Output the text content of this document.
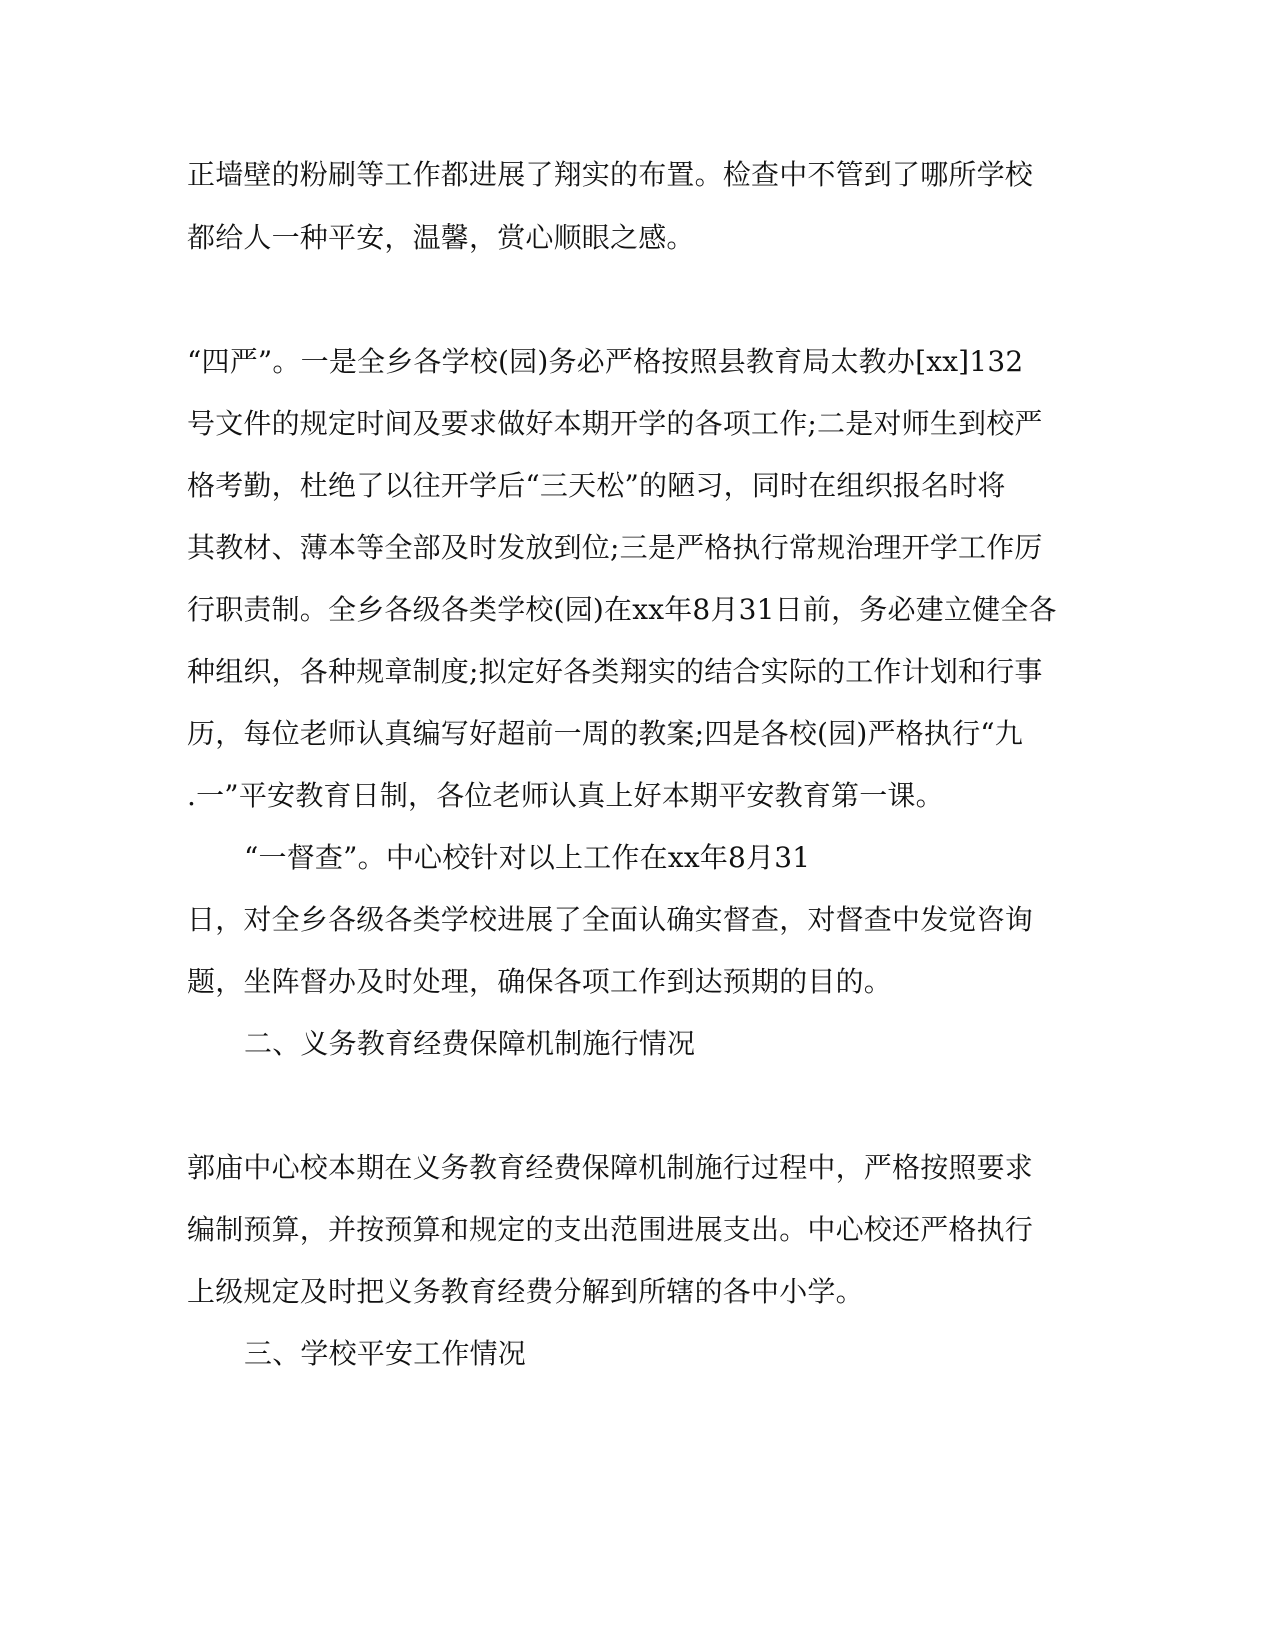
正墙壁的粉刷等工作都进展了翔实的布置。检查中不管到了哪所学校
都给人一种平安，温馨，赏心顺眼之感。
“四严”。一是全乡各学校(园)务必严格按照县教育局太教办[xx]132
号文件的规定时间及要求做好本期开学的各项工作;二是对师生到校严
格考勤，杜绝了以往开学后“三天松”的陋习，同时在组织报名时将
其教材、薄本等全部及时发放到位;三是严格执行常规治理开学工作厉
行职责制。全乡各级各类学校(园)在xx年8月31日前，务必建立健全各
种组织，各种规章制度;拟定好各类翔实的结合实际的工作计划和行事
历，每位老师认真编写好超前一周的教案;四是各校(园)严格执行“九
.一”平安教育日制，各位老师认真上好本期平安教育第一课。
“一督查”。中心校针对以上工作在xx年8月31
日，对全乡各级各类学校进展了全面认确实督查，对督查中发觉咨询
题，坐阵督办及时处理，确保各项工作到达预期的目的。
二、义务教育经费保障机制施行情况
郭庙中心校本期在义务教育经费保障机制施行过程中，严格按照要求
编制预算，并按预算和规定的支出范围进展支出。中心校还严格执行
上级规定及时把义务教育经费分解到所辖的各中小学。
三、学校平安工作情况
